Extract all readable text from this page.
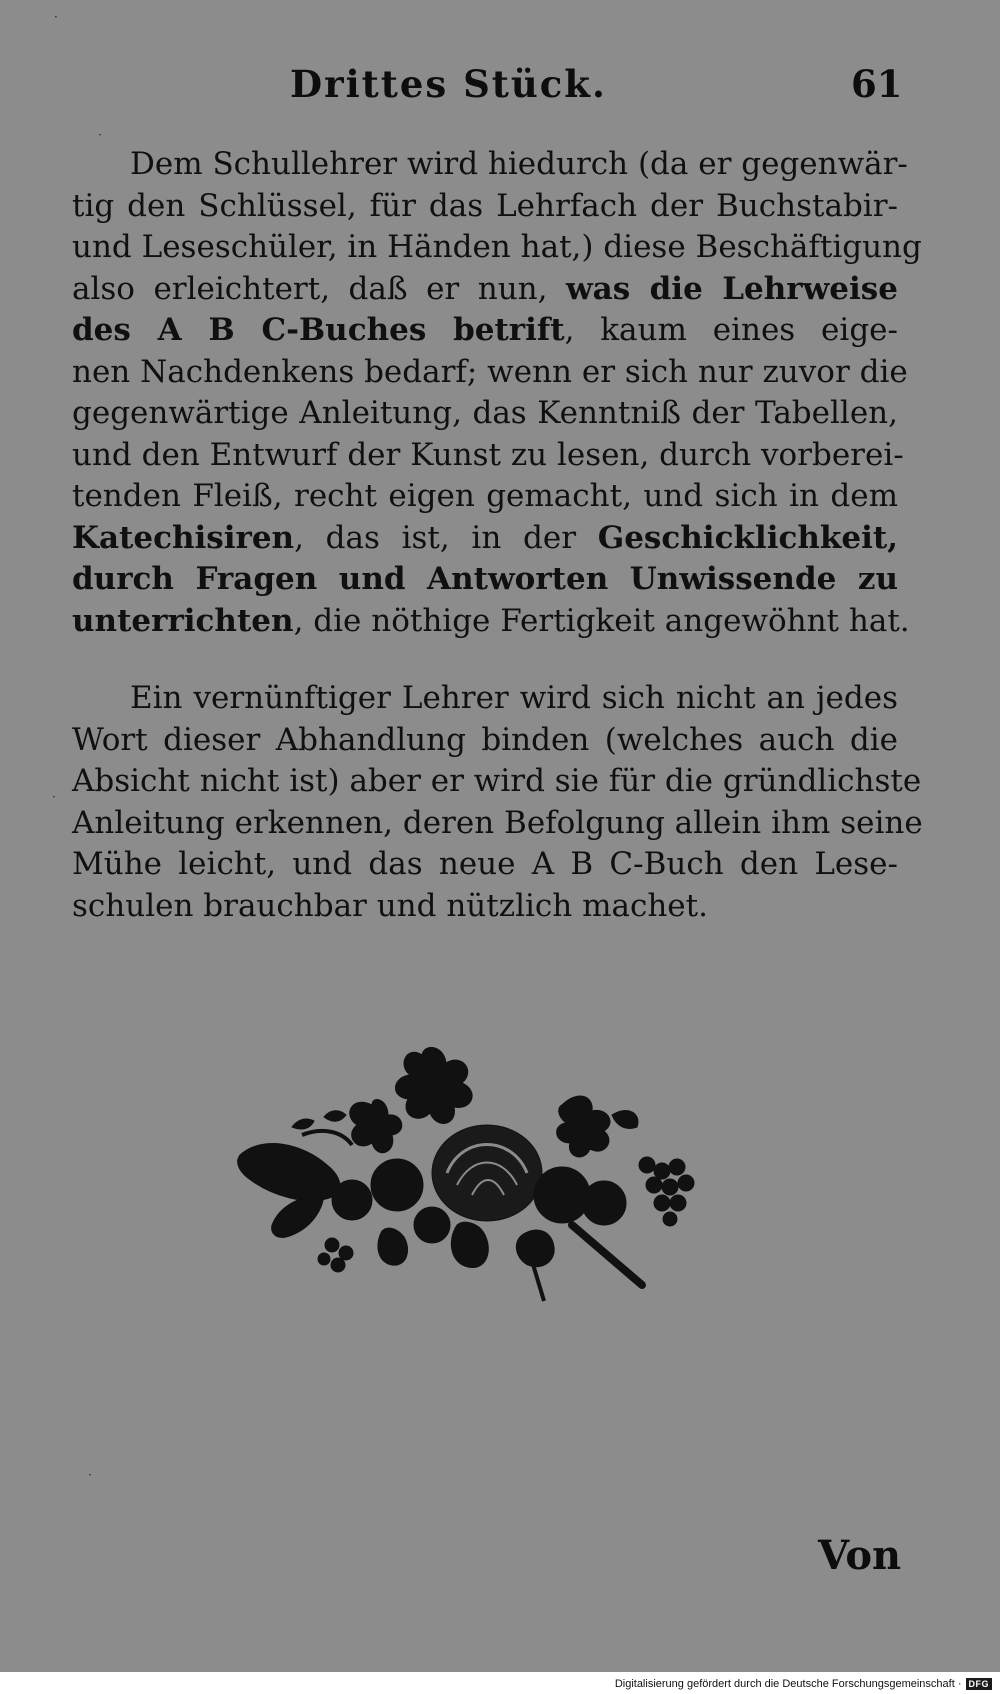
·
·
·
·
Drittes Stück.	61
Dem Schullehrer wird hiedurch (da er gegenwär-
tig den Schlüssel, für das Lehrfach der Buchstabir-
und Leseschüler, in Händen hat,) diese Beschäftigung
also erleichtert, daß er nun, was die Lehrweise
des A B C-Buches betrift, kaum eines eige-
nen Nachdenkens bedarf; wenn er sich nur zuvor die
gegenwärtige Anleitung, das Kenntniß der Tabellen,
und den Entwurf der Kunst zu lesen, durch vorberei-
tenden Fleiß, recht eigen gemacht, und sich in dem
Katechisiren, das ist, in der Geschicklichkeit,
durch Fragen und Antworten Unwissende zu
unterrichten, die nöthige Fertigkeit angewöhnt hat.
Ein vernünftiger Lehrer wird sich nicht an jedes
Wort dieser Abhandlung binden (welches auch die
Absicht nicht ist) aber er wird sie für die gründlichste
Anleitung erkennen, deren Befolgung allein ihm seine
Mühe leicht, und das neue A B C-Buch den Lese-
schulen brauchbar und nützlich machet.
Von
Digitalisierung gefördert durch die Deutsche Forschungsgemeinschaft · DFG
